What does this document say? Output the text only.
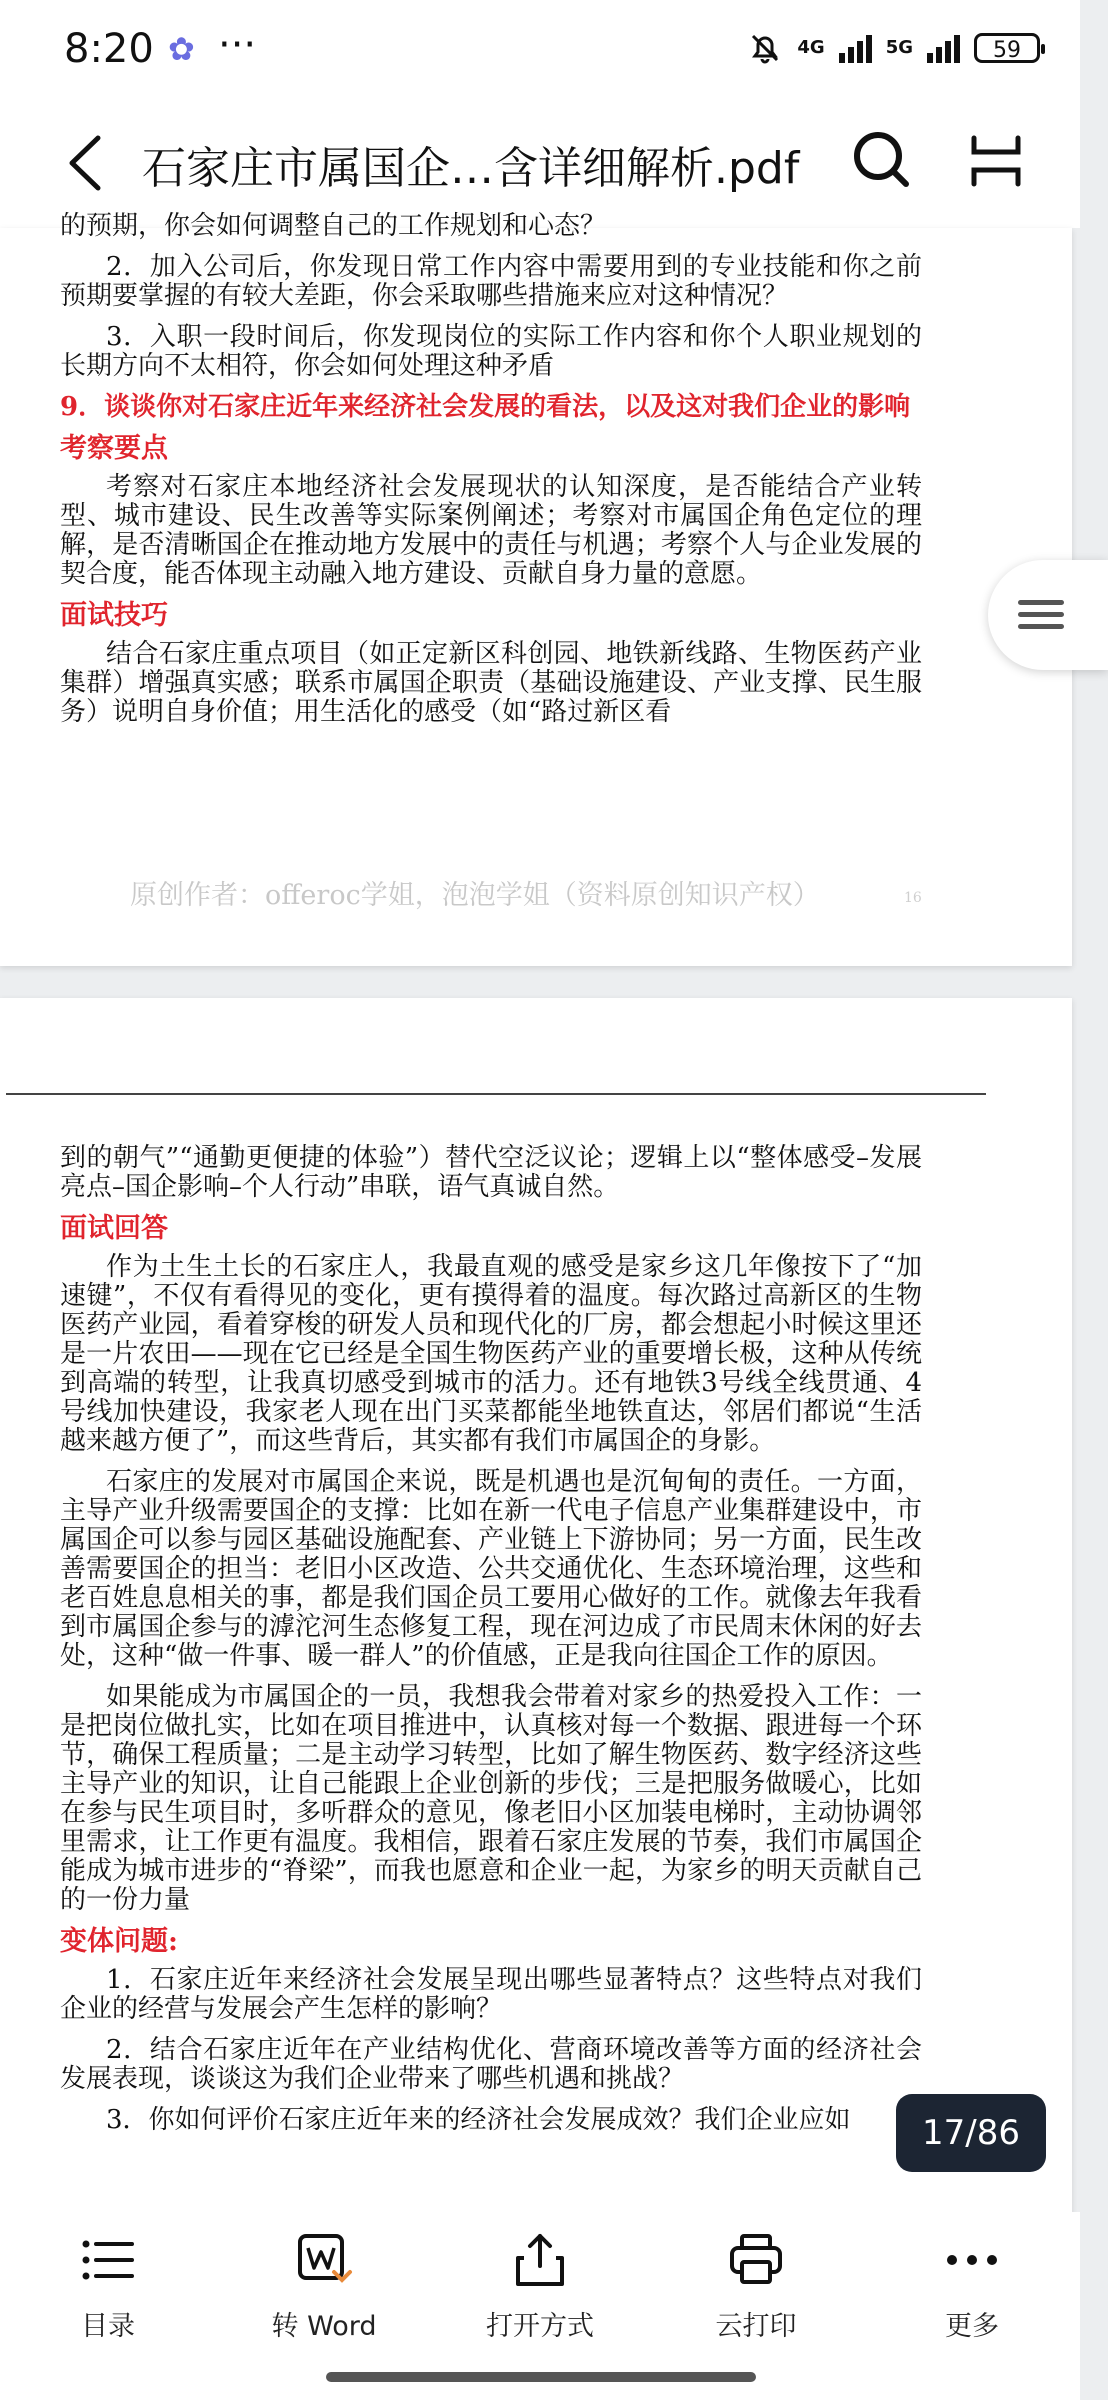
8:20 ✿ ···	4G	5G	59
石家庄市属国企…含详细解析.pdf

的预期，你会如何调整自己的工作规划和心态？

2．加入公司后，你发现日常工作内容中需要用到的专业技能和你之前预期要掌握的有较大差距，你会采取哪些措施来应对这种情况？

3．入职一段时间后，你发现岗位的实际工作内容和你个人职业规划的长期方向不太相符，你会如何处理这种矛盾

9．谈谈你对石家庄近年来经济社会发展的看法，以及这对我们企业的影响

考察要点

考察对石家庄本地经济社会发展现状的认知深度，是否能结合产业转型、城市建设、民生改善等实际案例阐述；考察对市属国企角色定位的理解，是否清晰国企在推动地方发展中的责任与机遇；考察个人与企业发展的契合度，能否体现主动融入地方建设、贡献自身力量的意愿。

面试技巧

结合石家庄重点项目（如正定新区科创园、地铁新线路、生物医药产业集群）增强真实感；联系市属国企职责（基础设施建设、产业支撑、民生服务）说明自身价值；用生活化的感受（如“路过新区看

原创作者：offeroc学姐，泡泡学姐（资料原创知识产权）	16

到的朝气”“通勤更便捷的体验”）替代空泛议论；逻辑上以“整体感受–发展亮点–国企影响–个人行动”串联，语气真诚自然。

面试回答

作为土生土长的石家庄人，我最直观的感受是家乡这几年像按下了“加速键”，不仅有看得见的变化，更有摸得着的温度。每次路过高新区的生物医药产业园，看着穿梭的研发人员和现代化的厂房，都会想起小时候这里还是一片农田——现在它已经是全国生物医药产业的重要增长极，这种从传统到高端的转型，让我真切感受到城市的活力。还有地铁3号线全线贯通、4号线加快建设，我家老人现在出门买菜都能坐地铁直达，邻居们都说“生活越来越方便了”，而这些背后，其实都有我们市属国企的身影。

石家庄的发展对市属国企来说，既是机遇也是沉甸甸的责任。一方面，主导产业升级需要国企的支撑：比如在新一代电子信息产业集群建设中，市属国企可以参与园区基础设施配套、产业链上下游协同；另一方面，民生改善需要国企的担当：老旧小区改造、公共交通优化、生态环境治理，这些和老百姓息息相关的事，都是我们国企员工要用心做好的工作。就像去年我看到市属国企参与的滹沱河生态修复工程，现在河边成了市民周末休闲的好去处，这种“做一件事、暖一群人”的价值感，正是我向往国企工作的原因。

如果能成为市属国企的一员，我想我会带着对家乡的热爱投入工作：一是把岗位做扎实，比如在项目推进中，认真核对每一个数据、跟进每一个环节，确保工程质量；二是主动学习转型，比如了解生物医药、数字经济这些主导产业的知识，让自己能跟上企业创新的步伐；三是把服务做暖心，比如在参与民生项目时，多听群众的意见，像老旧小区加装电梯时，主动协调邻里需求，让工作更有温度。我相信，跟着石家庄发展的节奏，我们市属国企能成为城市进步的“脊梁”，而我也愿意和企业一起，为家乡的明天贡献自己的一份力量

变体问题:

1．石家庄近年来经济社会发展呈现出哪些显著特点？这些特点对我们企业的经营与发展会产生怎样的影响？

2．结合石家庄近年在产业结构优化、营商环境改善等方面的经济社会发展表现，谈谈这为我们企业带来了哪些机遇和挑战？

3．你如何评价石家庄近年来的经济社会发展成效？我们企业应如	17/86
目录	转 Word	打开方式	云打印	更多
